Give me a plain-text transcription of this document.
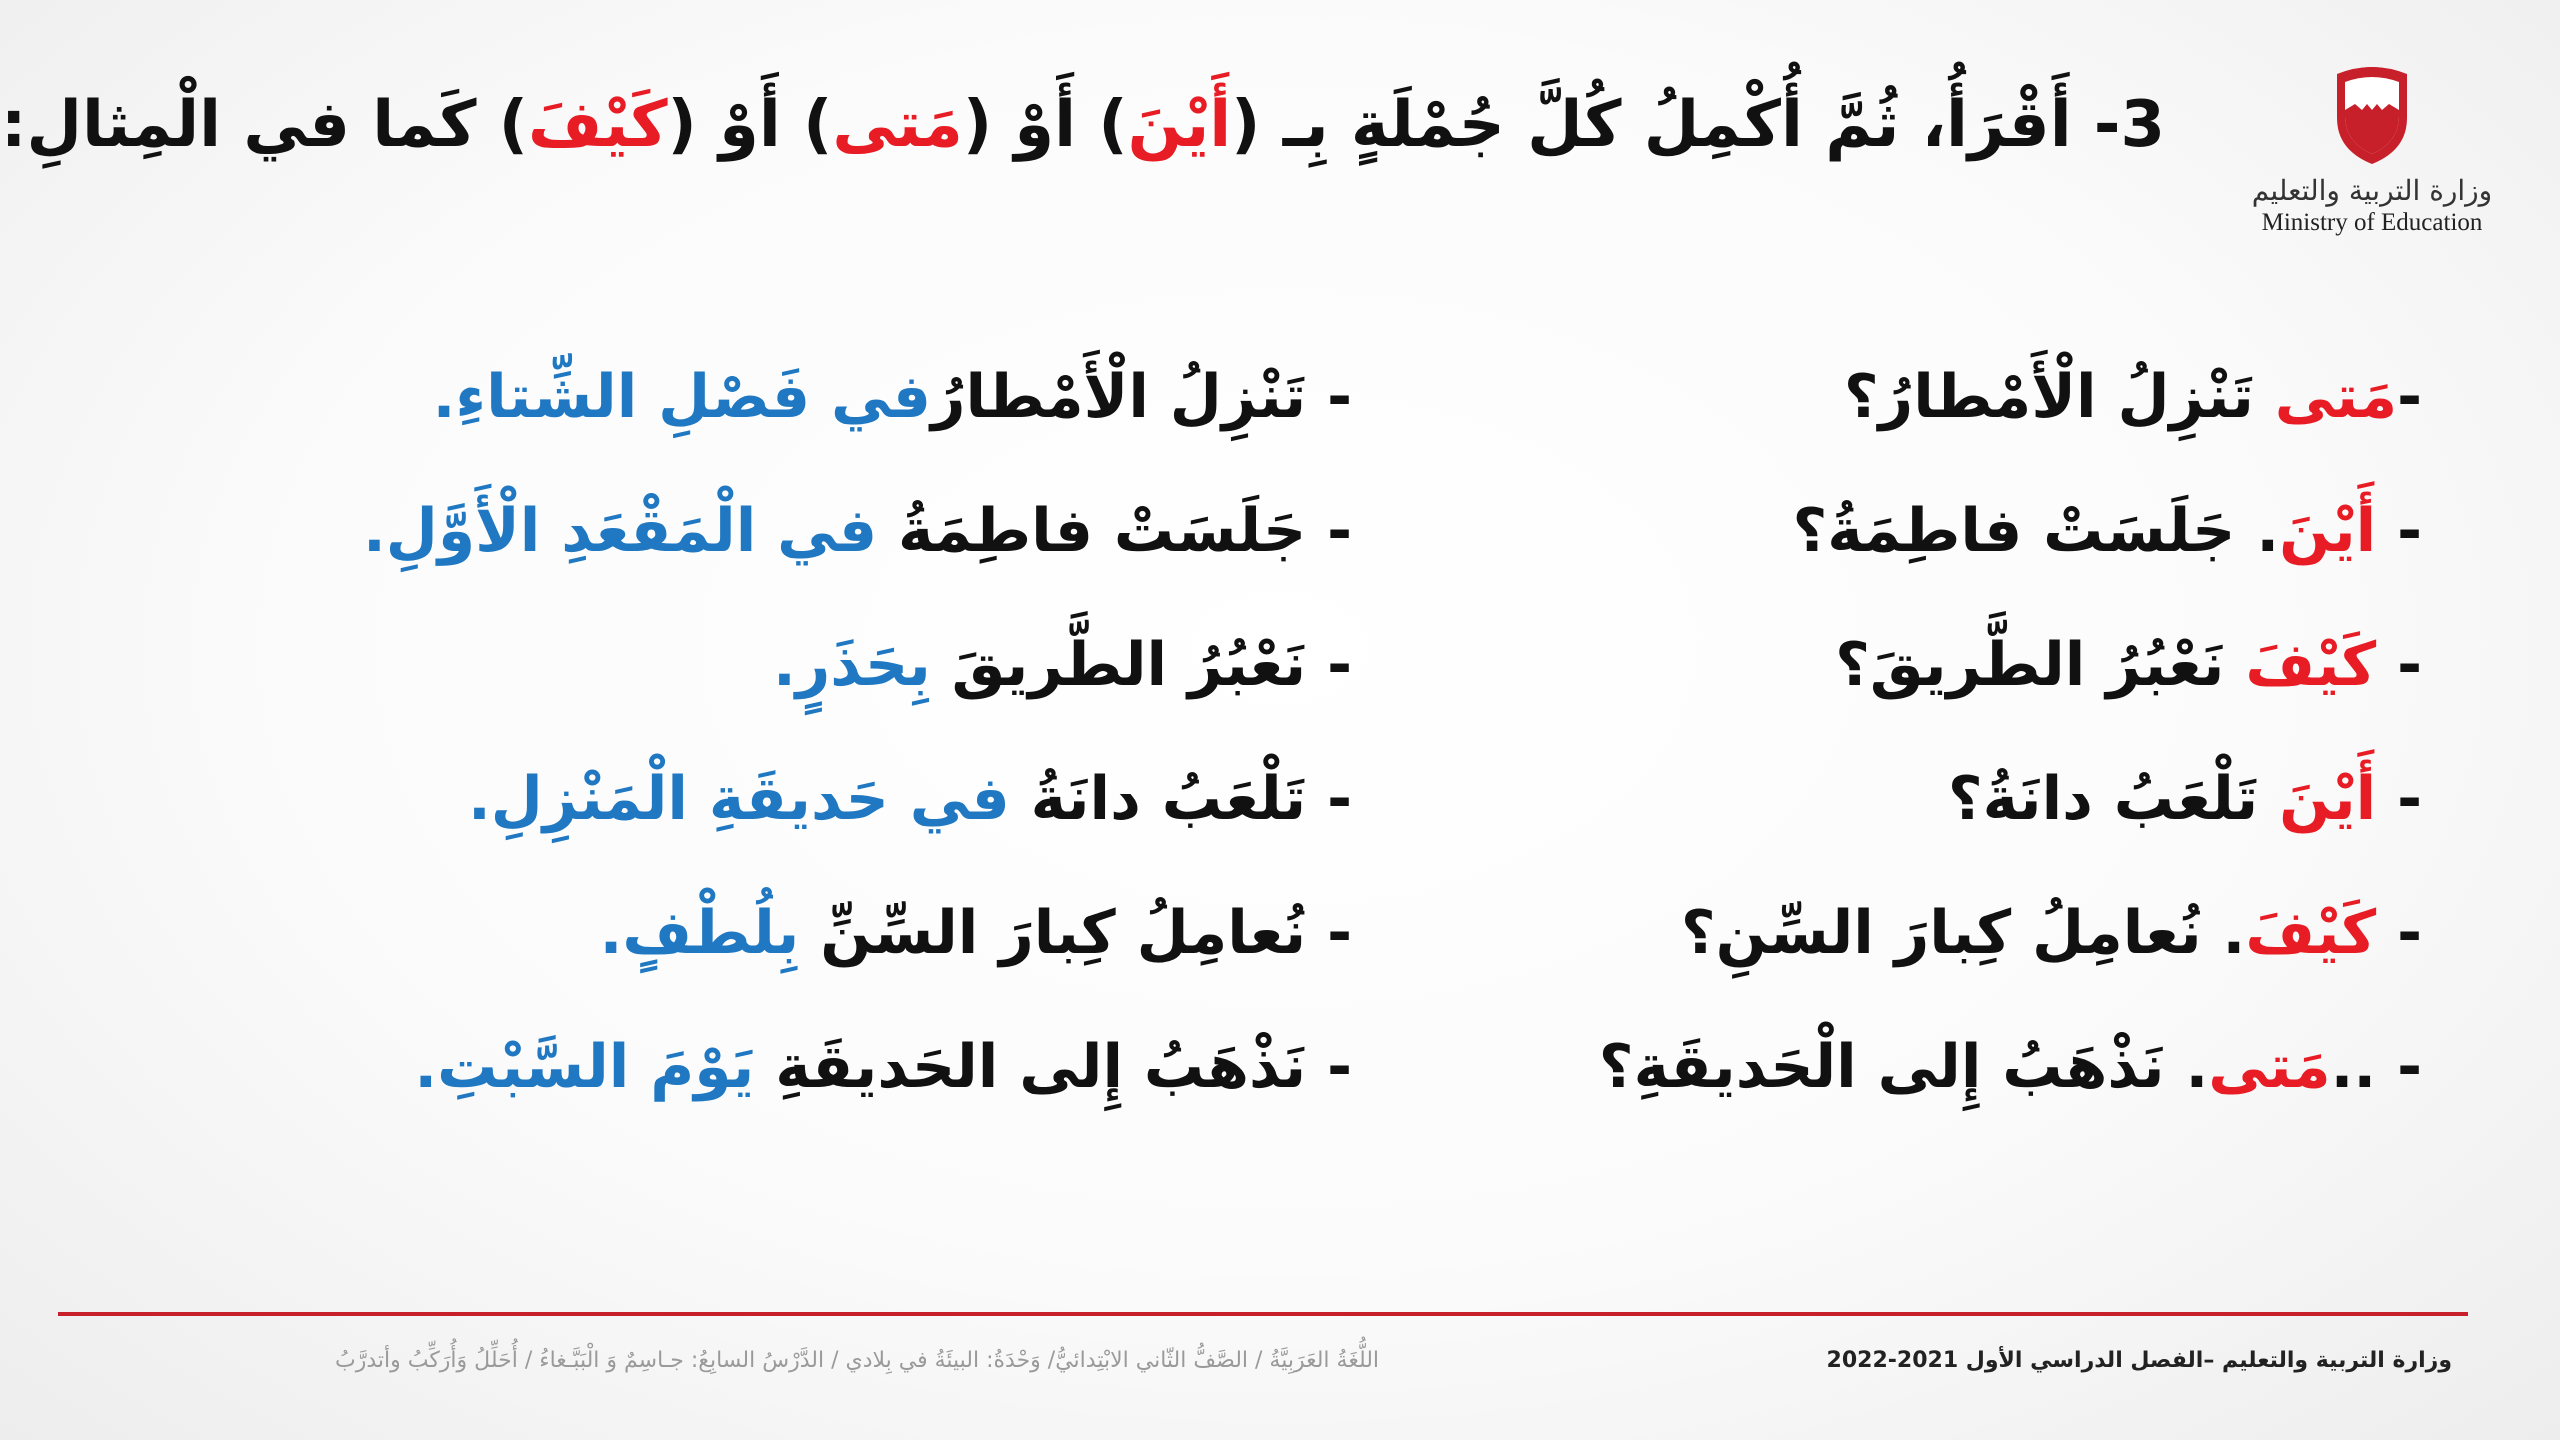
3- أَقْرَأُ، ثُمَّ أُكْمِلُ كُلَّ جُمْلَةٍ بِـ (أَيْنَ) أَوْ (مَتى) أَوْ (كَيْفَ) كَما في الْمِثالِ:
وزارة التربية والتعليم
Ministry of Education
-مَتى تَنْزِلُ الْأَمْطارُ؟
- أَيْنَ. جَلَسَتْ فاطِمَةُ؟
- كَيْفَ نَعْبُرُ الطَّريقَ؟
- أَيْنَ تَلْعَبُ دانَةُ؟
- كَيْفَ. نُعامِلُ كِبارَ السِّنِ؟
- ..مَتى. نَذْهَبُ إِلى الْحَديقَةِ؟
- تَنْزِلُ الْأَمْطارُفي فَصْلِ الشِّتاءِ.
- جَلَسَتْ فاطِمَةُ في الْمَقْعَدِ الْأَوَّلِ.
- نَعْبُرُ الطَّريقَ بِحَذَرٍ.
- تَلْعَبُ دانَةُ في حَديقَةِ الْمَنْزِلِ.
- نُعامِلُ كِبارَ السِّنِّ بِلُطْفٍ.
- نَذْهَبُ إِلى الحَديقَةِ يَوْمَ السَّبْتِ.
وزارة التربية والتعليم –الفصل الدراسي الأول 2021-2022
اللُّغَةُ العَرَبِيَّةُ / الصَّفُّ الثّاني الابْتِدائيُّ/ وَحْدَةُ: البيئَةُ في بِلادي / الدَّرْسُ السابِعُ: جـاسِمٌ وَ الْبَبَّـغاءُ / أُحَلِّلُ وَأُرَكِّبُ وأتدرَّبُ
